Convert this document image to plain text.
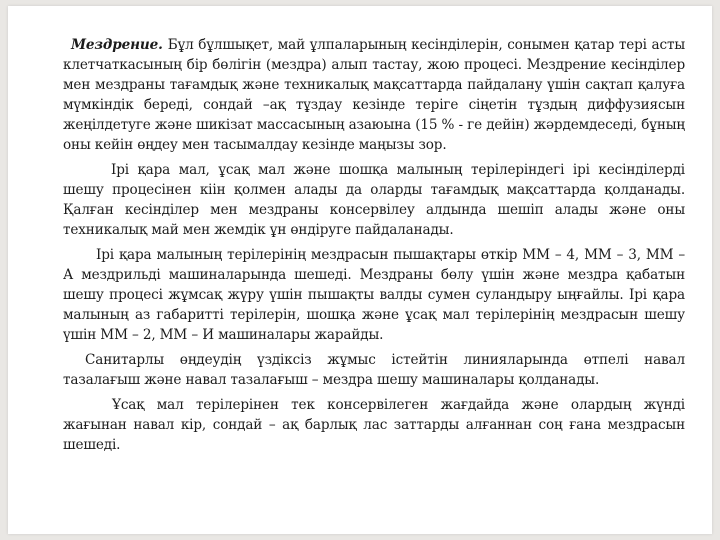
Мездрение. Бұл бұлшықет, май ұлпаларының кесінділерін, сонымен қатар тері асты клетчаткасының бір бөлігін (мездра) алып тастау, жою процесі. Мездрение кесінділер мен мездраны тағамдық және техникалық мақсаттарда пайдалану үшін сақтап қалуға мүмкіндік береді, сондай –ақ тұздау кезінде теріге сіңетін тұздың диффузиясын жеңілдетуге және шикізат массасының азаюына (15 % - ге дейін) жәрдемдеседі, бұның оны кейін өңдеу мен тасымалдау кезінде маңызы зор.

Ірі қара мал, ұсақ мал және шошқа малының терілеріндегі ірі кесінділерді шешу процесінен кіін қолмен алады да оларды тағамдық мақсаттарда қолданады. Қалған кесінділер мен мездраны консервілеу алдында шешіп алады және оны техникалық май мен жемдік ұн өндіруге пайдаланады.

Ірі қара малының терілерінің мездрасын пышақтары өткір ММ – 4, ММ – 3, ММ – А мездрильді машиналарында шешеді. Мездраны бөлу үшін және мездра қабатын шешу процесі жұмсақ жүру үшін пышақты валды сумен суландыру ыңғайлы. Ірі қара малының аз габаритті терілерін, шошқа және ұсақ мал терілерінің мездрасын шешу үшін ММ – 2, ММ – И машиналары жарайды.

Санитарлы өңдеудің үздіксіз жұмыс істейтін линияларында өтпелі навал тазалағыш және навал тазалағыш – мездра шешу машиналары қолданады.

Ұсақ мал терілерінен тек консервілеген жағдайда және олардың жүнді жағынан навал кір, сондай – ақ барлық лас заттарды алғаннан соң ғана мездрасын шешеді.
